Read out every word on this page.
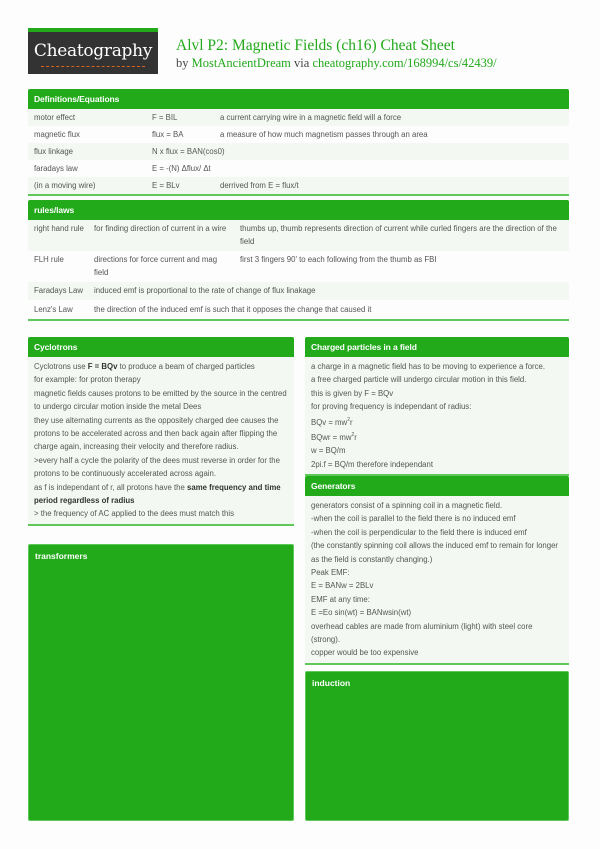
Cheatography	Alvl P2: Magnetic Fields (ch16) Cheat Sheet
by MostAncientDream via cheatography.com/168994/cs/42439/
Definitions/Equations
motor effect	F = BIL	a current carrying wire in a magnetic field will a force
magnetic flux	flux = BA	a measure of how much magnetism passes through an area
flux linkage	N x flux = BAN(cos0)	
faradays law	E = -(N) Δflux/ Δt	
(in a moving wire)	E = BLv	derrived from E = flux/t
rules/laws
right hand rule	for finding direction of current in a wire	thumbs up, thumb represents direction of current while curled fingers are the direction of the field
FLH rule	directions for force current and mag field	first 3 fingers 90' to each following from the thumb as FBI
Faradays Law	induced emf is proportional to the rate of change of flux linakage	
Lenz's Law	the direction of the induced emf is such that it opposes the change that caused it	
Cyclotrons
Cyclotrons use F = BQv to produce a beam of charged particles
for example: for proton therapy
magnetic fields causes protons to be emitted by the source in the centred to undergo circular motion inside the metal Dees
they use alternating currents as the oppositely charged dee causes the protons to be accelerated across and then back again after flipping the charge again, increasing their velocity and therefore radius.
>every half a cycle the polarity of the dees must reverse in order for the protons to be continuously accelerated across again.
as f is independant of r, all protons have the same frequency and time period regardless of radius
> the frequency of AC applied to the dees must match this
transformers
Charged particles in a field
a charge in a magnetic field has to be moving to experience a force.
a free charged particle will undergo circular motion in this field.
this is given by F = BQv
for proving frequency is independant of radius:
BQv = $mw^2r$
BQwr = $mw^2r$
w = BQ/m
2pi.f = BQ/m therefore independant
Generators
generators consist of a spinning coil in a magnetic field.
-when the coil is parallel to the field there is no induced emf
-when the coil is perpendicular to the field there is induced emf
(the constantly spinning coil allows the induced emf to remain for longer as the field is constantly changing.)
Peak EMF:
E = BANw = 2BLv
EMF at any time:
E =Eo sin(wt) = BANwsin(wt)
overhead cables are made from aluminium (light) with steel core (strong).
copper would be too expensive
induction
